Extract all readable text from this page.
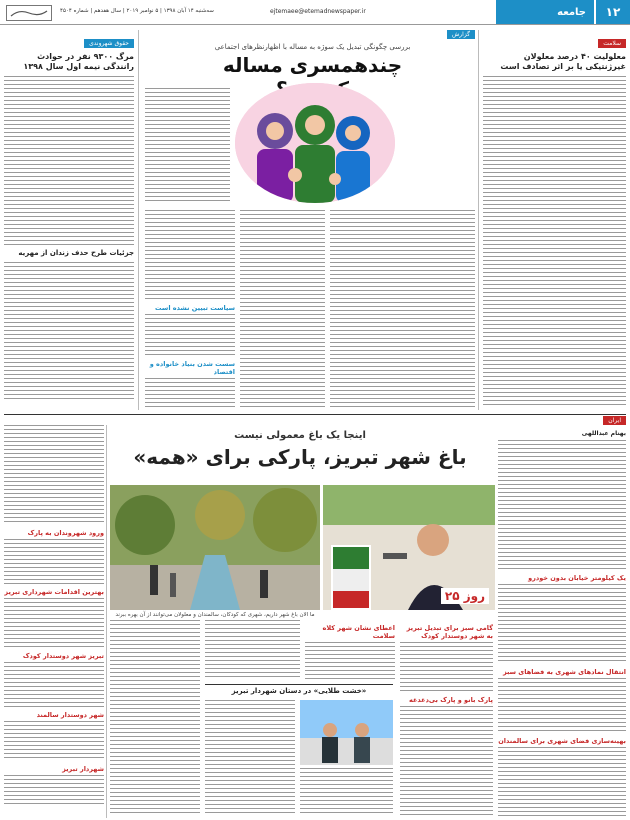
۱۲
جامعه
ejtemaee@etemadnewspaper.ir
سه‌شنبه ۱۴ آبان ۱۳۹۸ | ۵ نوامبر ۲۰۱۹ | سال هفدهم | شماره ۴۵۰۴
سلامت
معلولیت ۴۰ درصد معلولان غیرژنتیکی یا بر اثر تصادف است
گزارش
بررسی چگونگی تبدیل یک سوژه به مساله با اظهارنظرهای اجتماعی
چندهمسری مساله
سیاست تبیین نشده است
سست شدن بنیاد خانواده و اقتصاد
حقوق شهروندی
مرگ ۹۳۰۰ نفر در حوادث رانندگی نیمه اول سال ۱۳۹۸
جزئیات طرح حذف زندان از مهریه
ایران
اینجا یک باغ معمولی نیست
باغ شهر تبریز، پارکی برای «همه»
بهنام عبداللهی
یک کیلومتر خیابان بدون خودرو
انتقال نمادهای شهری به فضاهای سبز
بهینه‌سازی فضای شهری برای سالمندان
روز ۲۵
ما الان باغ شهر داریم، شهری که کودکان، سالمندان و معلولان می‌توانند از آن بهره ببرند
گامی سبز برای تبدیل تبریز به شهر دوستدار کودک
پارک بانو و پارک بی‌دغدغه
اعطای نشان شهر کلاه سلامت
«خشت طلایی» در دستان شهردار تبریز
ورود شهروندان به پارک
بهترین اقدامات شهرداری تبریز
تبریز شهر دوستدار کودک
شهر دوستدار سالمند
شهردار تبریز
